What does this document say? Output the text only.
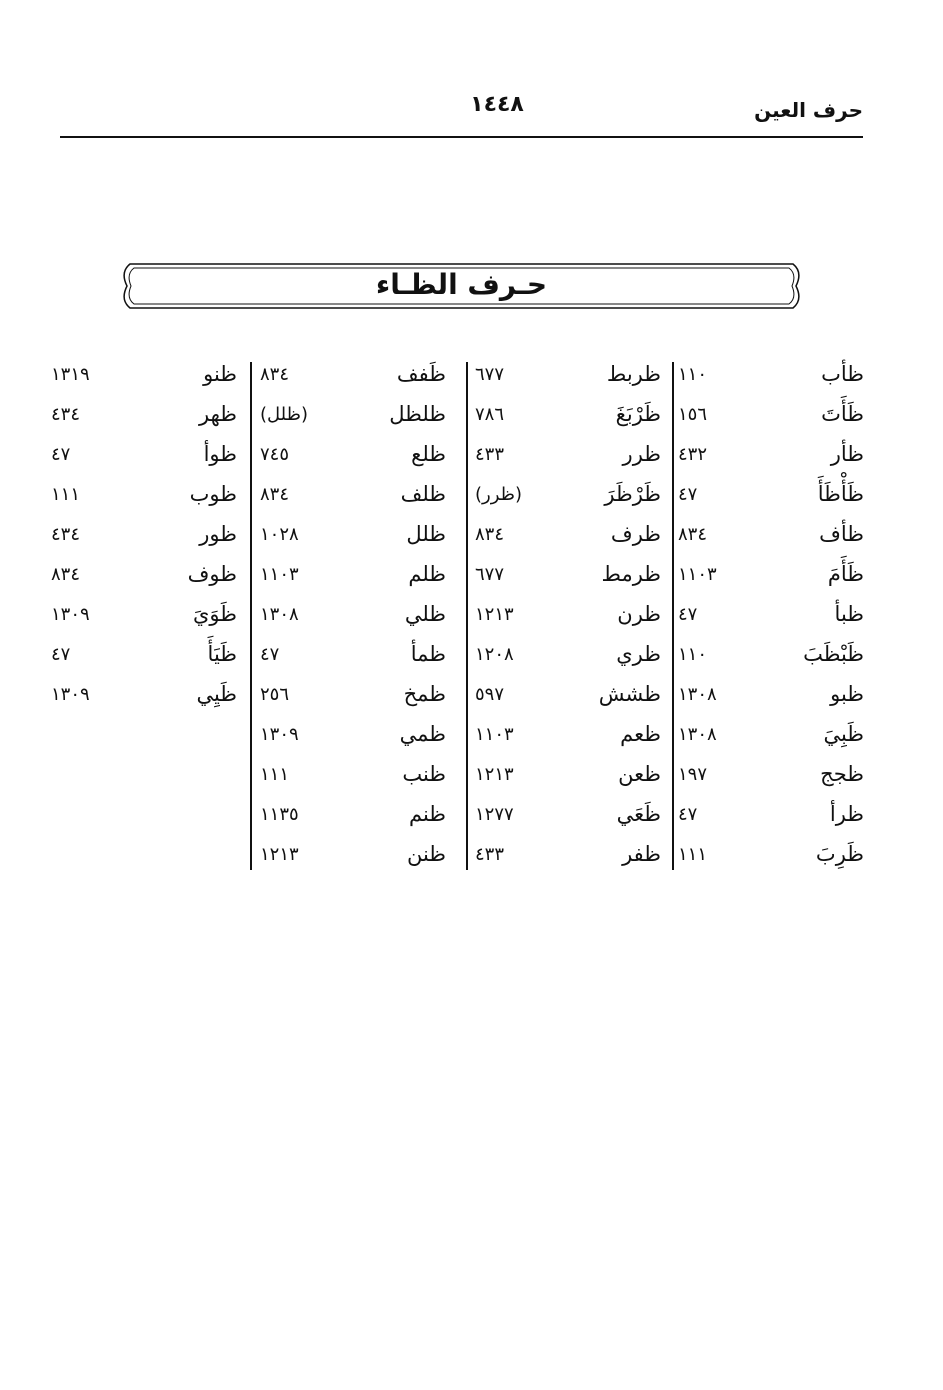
حرف العين
١٤٤٨
حـرف الظـاء
ظأب
١١٠
ظَأَتَ
١٥٦
ظأر
٤٣٢
ظَأْظَأَ
٤٧
ظأف
٨٣٤
ظَأَمَ
١١٠٣
ظبأ
٤٧
ظَبْظَبَ
١١٠
ظبو
١٣٠٨
ظَبِيَ
١٣٠٨
ظجج
١٩٧
ظرأ
٤٧
ظَرِبَ
١١١
ظربط
٦٧٧
ظَرْبَغَ
٧٨٦
ظرر
٤٣٣
ظَرْظَرَ
(ظرر)
ظرف
٨٣٤
ظرمط
٦٧٧
ظرن
١٢١٣
ظري
١٢٠٨
ظشش
٥٩٧
ظعم
١١٠٣
ظعن
١٢١٣
ظَعَي
١٢٧٧
ظفر
٤٣٣
ظَفف
٨٣٤
ظلظل
(ظلل)
ظلع
٧٤٥
ظلف
٨٣٤
ظلل
١٠٢٨
ظلم
١١٠٣
ظلي
١٣٠٨
ظمأ
٤٧
ظمخ
٢٥٦
ظمي
١٣٠٩
ظنب
١١١
ظنم
١١٣٥
ظنن
١٢١٣
ظنو
١٣١٩
ظهر
٤٣٤
ظوأ
٤٧
ظوب
١١١
ظور
٤٣٤
ظوف
٨٣٤
ظَوَيَ
١٣٠٩
ظَيَأَ
٤٧
ظَيِي
١٣٠٩
